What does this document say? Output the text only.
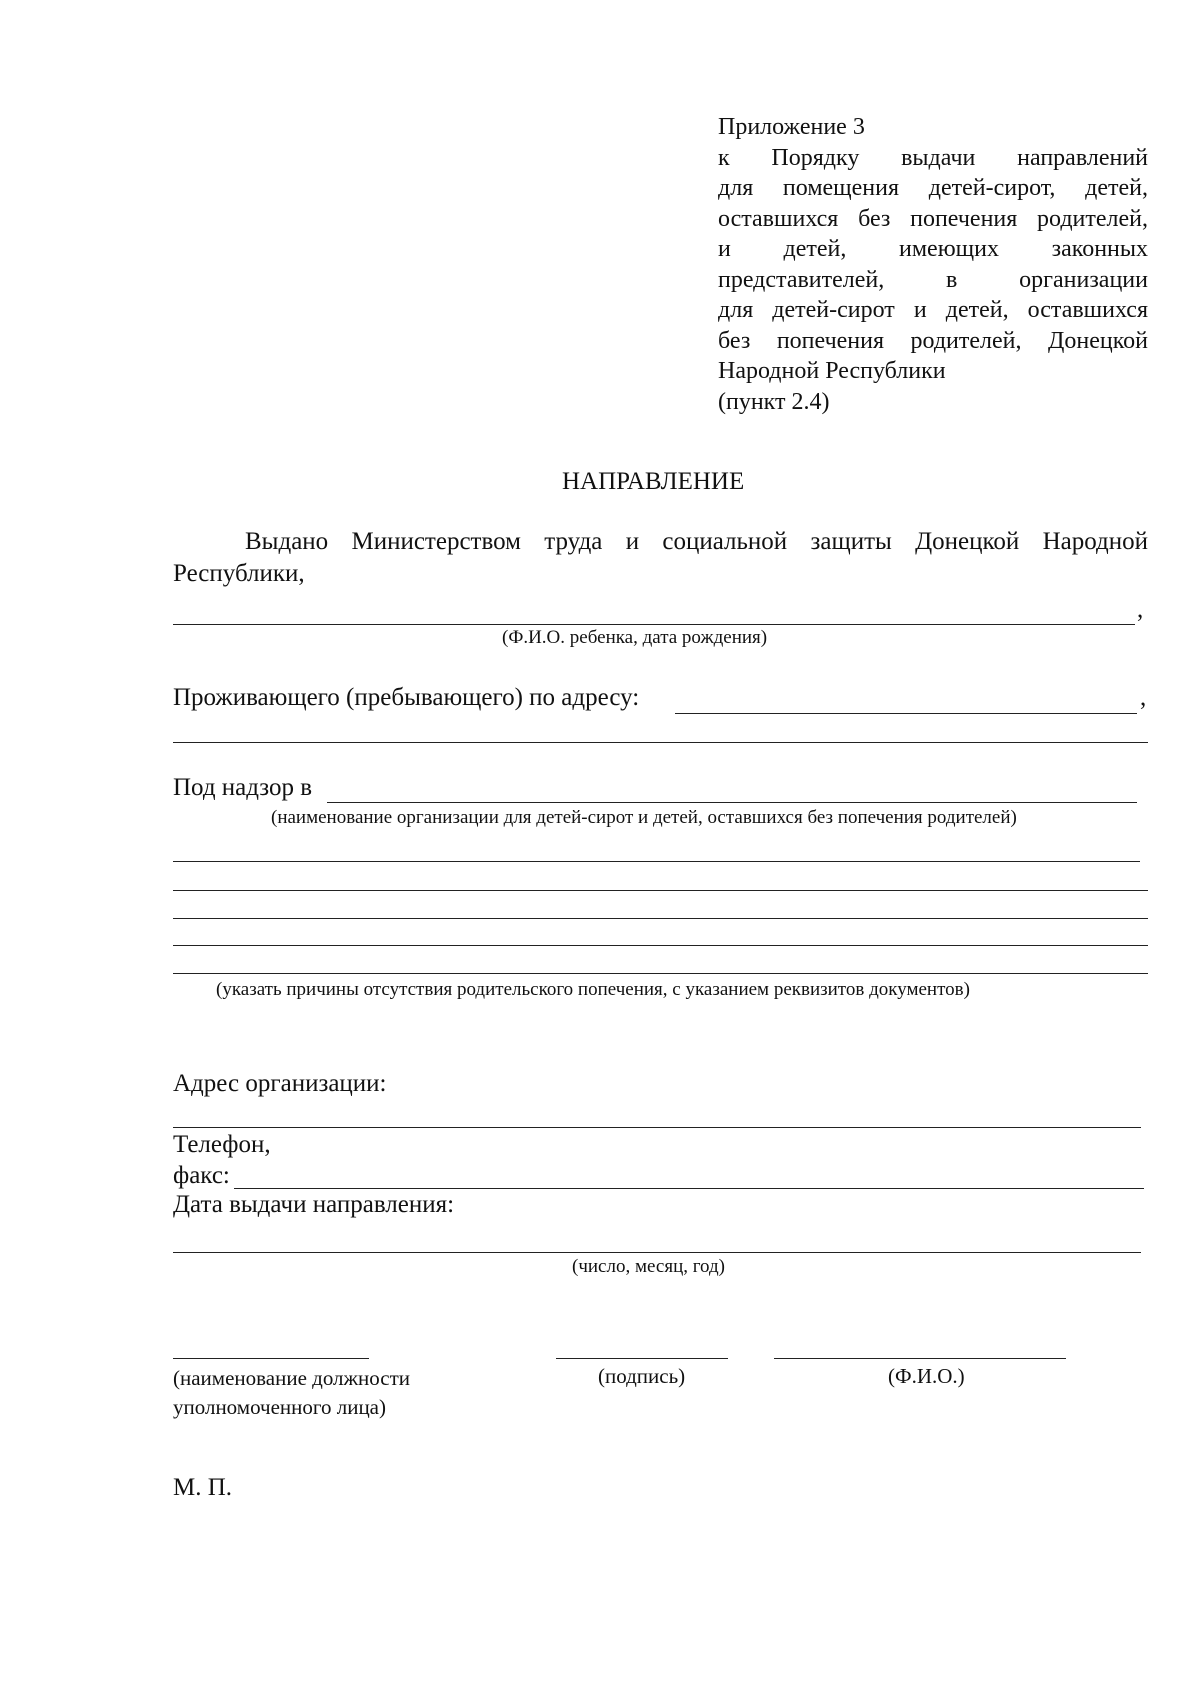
Приложение 3
к Порядку выдачи направлений
для помещения детей-сирот, детей,
оставшихся без попечения родителей,
и детей, имеющих законных
представителей, в организации
для детей-сирот и детей, оставшихся
без попечения родителей, Донецкой
Народной Республики
(пункт 2.4)
НАПРАВЛЕНИЕ
Выдано Министерством труда и социальной защиты Донецкой Народной
Республики,
,
(Ф.И.О. ребенка, дата рождения)
Проживающего (пребывающего) по адресу:	,
Под надзор в
(наименование организации для детей-сирот и детей, оставшихся без попечения родителей)
(указать причины отсутствия родительского попечения, с указанием реквизитов документов)
Адрес организации:
Телефон,
факс:
Дата выдачи направления:
(число, месяц, год)
(наименование должности
уполномоченного лица)
(подпись)	(Ф.И.О.)
М. П.
